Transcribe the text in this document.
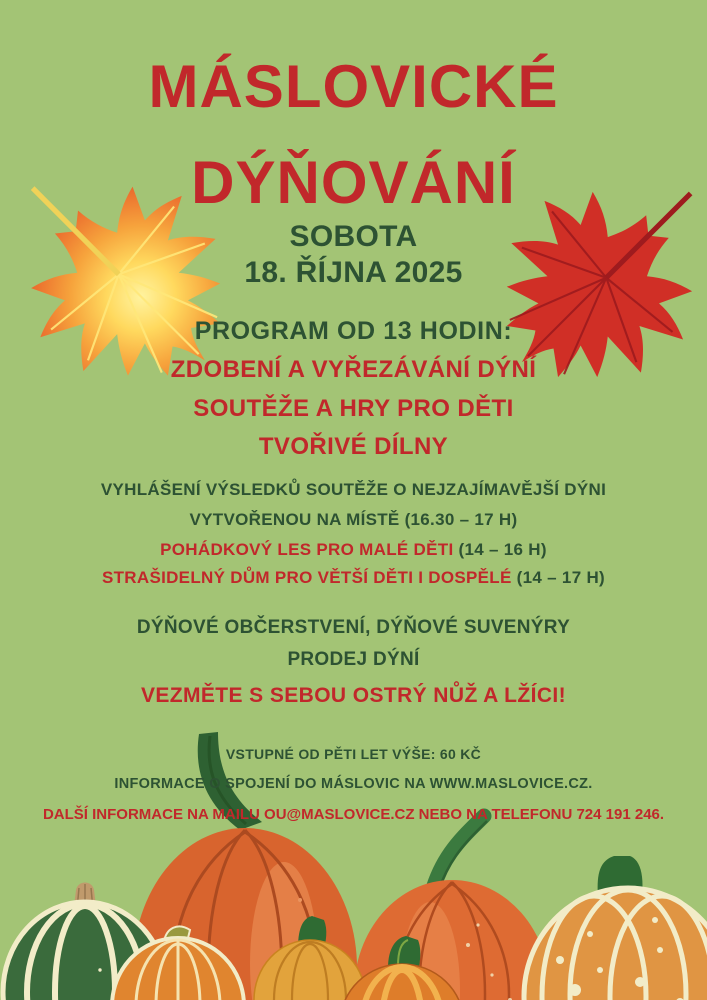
MÁSLOVICKÉ
DÝŇOVÁNÍ
SOBOTA
18. ŘÍJNA 2025
PROGRAM OD 13 HODIN:
ZDOBENÍ A VYŘEZÁVÁNÍ DÝNÍ
SOUTĚŽE A HRY PRO DĚTI
TVOŘIVÉ DÍLNY
VYHLÁŠENÍ VÝSLEDKŮ SOUTĚŽE O NEJZAJÍMAVĚJŠÍ DÝNI
VYTVOŘENOU NA MÍSTĚ (16.30 – 17 H)
POHÁDKOVÝ LES PRO MALÉ DĚTI (14 – 16 H)
STRAŠIDELNÝ DŮM PRO VĚTŠÍ DĚTI I DOSPĚLÉ (14 – 17 H)
DÝŇOVÉ OBČERSTVENÍ, DÝŇOVÉ SUVENÝRY
PRODEJ DÝNÍ
VEZMĚTE S SEBOU OSTRÝ NŮŽ A LŽÍCI!
VSTUPNÉ OD PĚTI LET VÝŠE: 60 KČ
INFORMACE O SPOJENÍ DO MÁSLOVIC NA WWW.MASLOVICE.CZ.
DALŠÍ INFORMACE NA MAILU OU@MASLOVICE.CZ NEBO NA TELEFONU 724 191 246.
